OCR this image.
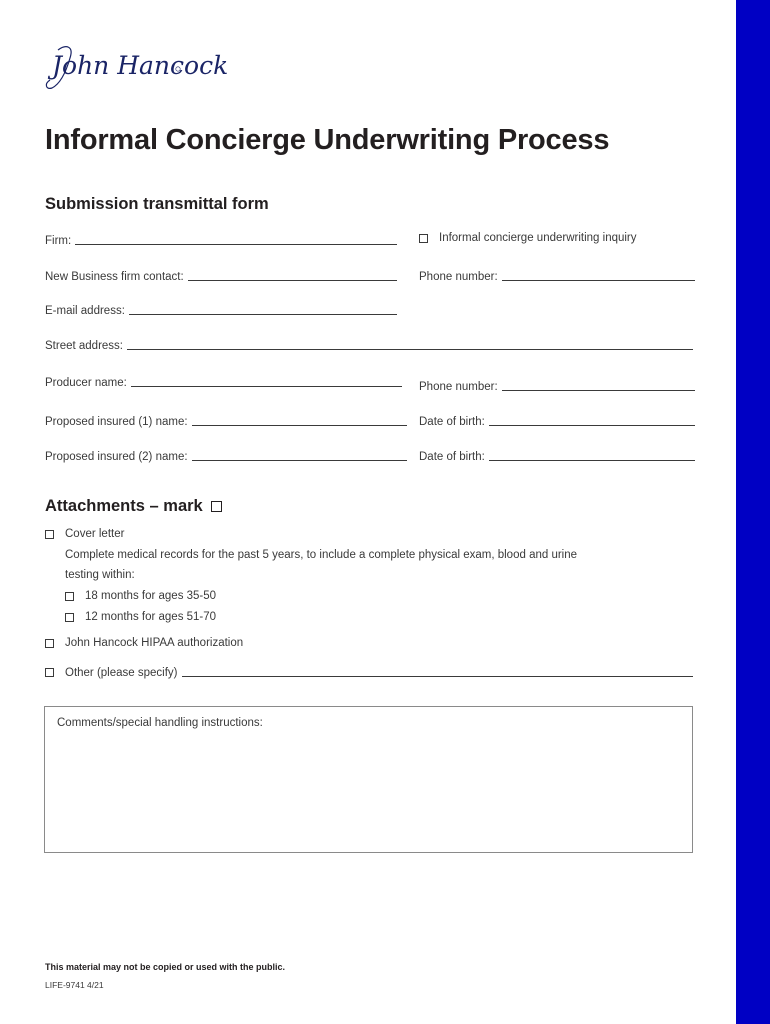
John Hancock
Informal Concierge Underwriting Process
Submission transmittal form
Firm:	Informal concierge underwriting inquiry
New Business firm contact:	Phone number:
E-mail address:
Street address:
Producer name:	Phone number:
Proposed insured (1) name:	Date of birth:
Proposed insured (2) name:	Date of birth:
Attachments – mark
Cover letter
Complete medical records for the past 5 years, to include a complete physical exam, blood and urine
testing within:
18 months for ages 35-50
12 months for ages 51-70
John Hancock HIPAA authorization
Other (please specify)
Comments/special handling instructions:
This material may not be copied or used with the public.
LIFE-9741 4/21
